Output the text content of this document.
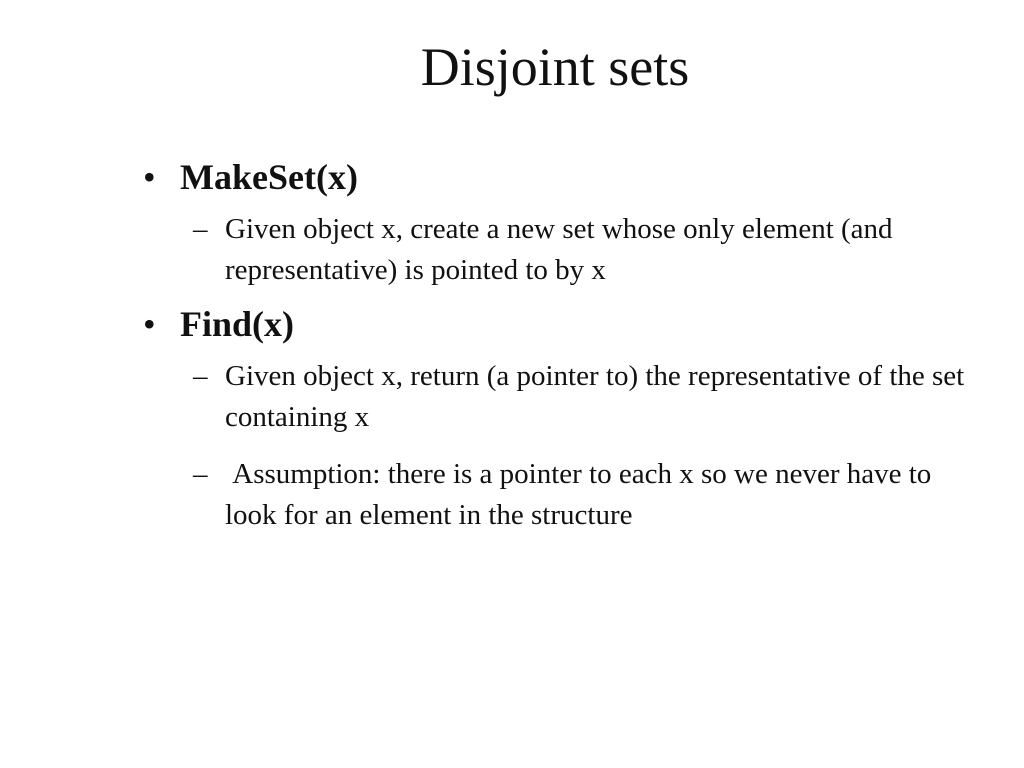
Disjoint sets
• MakeSet(x)
– Given object x, create a new set whose only element (and representative) is pointed to by x
• Find(x)
– Given object x, return (a pointer to) the representative of the set containing x
– Assumption: there is a pointer to each x so we never have to look for an element in the structure
